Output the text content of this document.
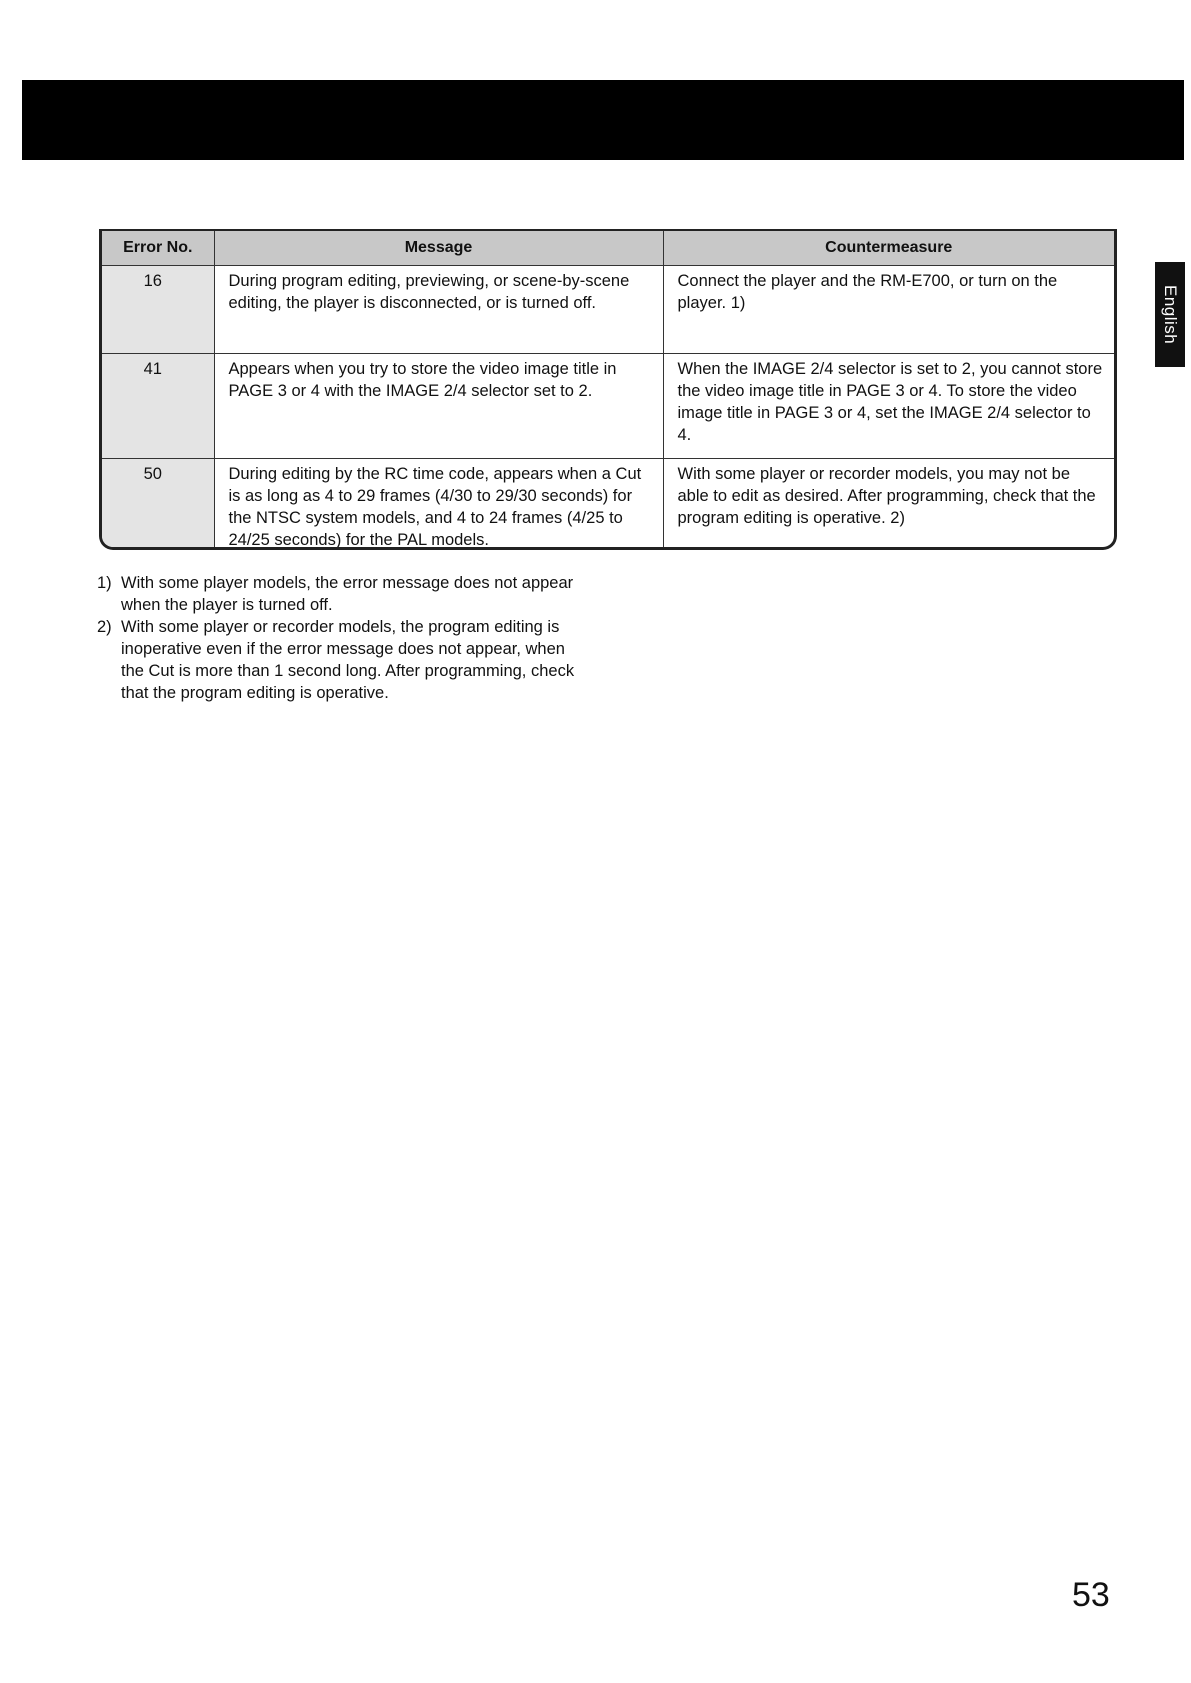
English
Error No.	Message	Countermeasure
16	During program editing, previewing, or scene-by-scene editing, the player is disconnected, or is turned off.	Connect the player and the RM-E700, or turn on the player. 1)
41	Appears when you try to store the video image title in PAGE 3 or 4 with the IMAGE 2/4 selector set to 2.	When the IMAGE 2/4 selector is set to 2, you cannot store the video image title in PAGE 3 or 4. To store the video image title in PAGE 3 or 4, set the IMAGE 2/4 selector to 4.
50	During editing by the RC time code, appears when a Cut is as long as 4 to 29 frames (4/30 to 29/30 seconds) for the NTSC system models, and 4 to 24 frames (4/25 to 24/25 seconds) for the PAL models.	With some player or recorder models, you may not be able to edit as desired. After programming, check that the program editing is operative. 2)
1) With some player models, the error message does not appear when the player is turned off.
2) With some player or recorder models, the program editing is inoperative even if the error message does not appear, when the Cut is more than 1 second long. After programming, check that the program editing is operative.
53
